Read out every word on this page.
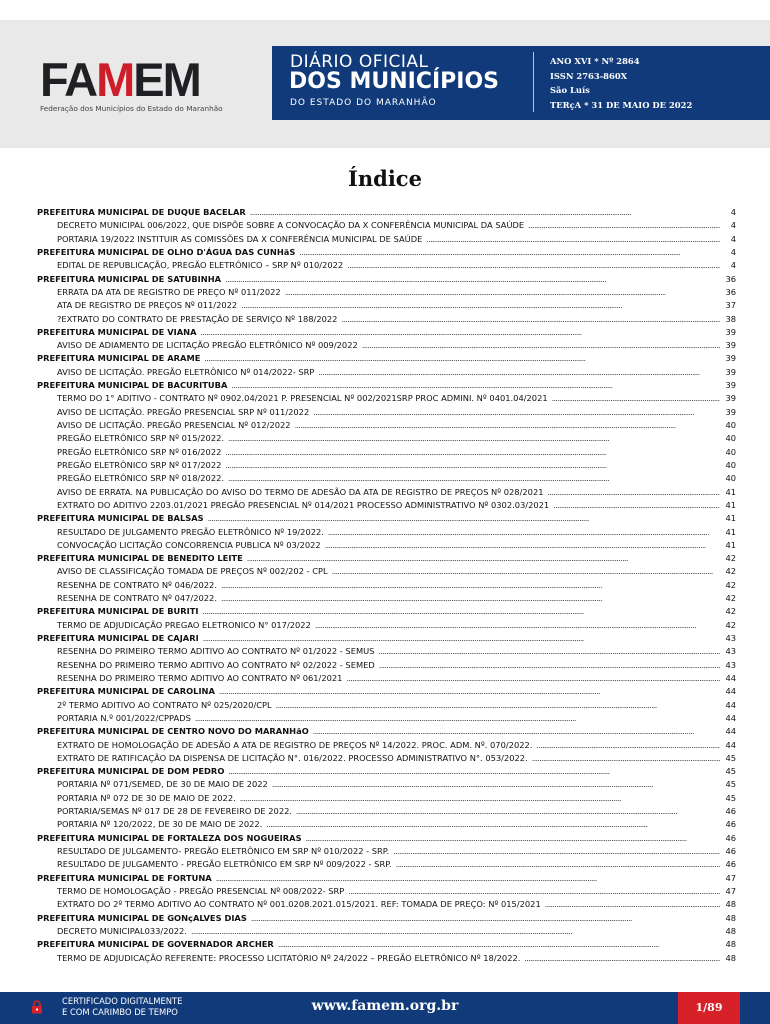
FAMEM
Federação dos Municípios do Estado do Maranhão
DIÁRIO OFICIAL
DOS MUNICÍPIOS
DO ESTADO DO MARANHÃO
ANO XVI * Nº 2864
ISSN 2763-860X
São Luís
TERçA * 31 DE MAIO DE 2022
Índice
PREFEITURA MUNICIPAL DE DUQUE BACELAR . . .	4
DECRETO MUNICIPAL 006/2022, QUE DISPÕE SOBRE A CONVOCAÇÃO DA X CONFERÊNCIA MUNICIPAL DA SAÚDE . . .	4
PORTARIA 19/2022 INSTITUIR AS COMISSÕES DA X CONFERÊNCIA MUNICIPAL DE SAÚDE . . .	4
PREFEITURA MUNICIPAL DE OLHO D'ÁGUA DAS CUNHãS . . .	4
EDITAL DE REPUBLICAÇÃO, PREGÃO ELETRÔNICO – SRP Nº 010/2022 . . .	4
PREFEITURA MUNICIPAL DE SATUBINHA . . .	36
ERRATA DA ATA DE REGISTRO DE PREÇO Nº 011/2022 . . .	36
ATA DE REGISTRO DE PREÇOS Nº 011/2022 . . .	37
?EXTRATO DO CONTRATO DE PRESTAÇÃO DE SERVIÇO Nº 188/2022 . . .	38
PREFEITURA MUNICIPAL DE VIANA . . .	39
AVISO DE ADIAMENTO DE LICITAÇÃO PREGÃO ELETRÔNICO Nº 009/2022 . . .	39
PREFEITURA MUNICIPAL DE ARAME . . .	39
AVISO DE LICITAÇÃO. PREGÃO ELETRÔNICO Nº 014/2022- SRP . . .	39
PREFEITURA MUNICIPAL DE BACURITUBA . . .	39
TERMO DO 1° ADITIVO - CONTRATO Nº 0902.04/2021 P. PRESENCIAL Nº 002/2021SRP PROC ADMINI. Nº 0401.04/2021 . . .	39
AVISO DE LICITAÇÃO. PREGÃO PRESENCIAL SRP Nº 011/2022 . . .	39
AVISO DE LICITAÇÃO. PREGÃO PRESENCIAL Nº 012/2022 . . .	40
PREGÃO ELETRÔNICO SRP Nº 015/2022. . . .	40
PREGÃO ELETRÔNICO SRP Nº 016/2022 . . .	40
PREGÃO ELETRÔNICO SRP Nº 017/2022 . . .	40
PREGÃO ELETRÔNICO SRP Nº 018/2022. . . .	40
AVISO DE ERRATA. NA PUBLICAÇÃO DO AVISO DO TERMO DE ADESÃO DA ATA DE REGISTRO DE PREÇOS Nº 028/2021 . . .	41
EXTRATO DO ADITIVO 2203.01/2021 PREGÃO PRESENCIAL Nº 014/2021 PROCESSO ADMINISTRATIVO Nº 0302.03/2021 . . .	41
PREFEITURA MUNICIPAL DE BALSAS . . .	41
RESULTADO DE JULGAMENTO PREGÃO ELETRÔNICO Nº 19/2022. . . .	41
CONVOCAÇÃO LICITAÇÃO CONCORRENCIA PUBLICA Nº 03/2022 . . .	41
PREFEITURA MUNICIPAL DE BENEDITO LEITE . . .	42
AVISO DE CLASSIFICAÇÃO TOMADA DE PREÇOS Nº 002/202 - CPL . . .	42
RESENHA DE CONTRATO Nº 046/2022. . . .	42
RESENHA DE CONTRATO Nº 047/2022. . . .	42
PREFEITURA MUNICIPAL DE BURITI . . .	42
TERMO DE ADJUDICAÇÃO PREGAO ELETRONICO N° 017/2022 . . .	42
PREFEITURA MUNICIPAL DE CAJARI . . .	43
RESENHA DO PRIMEIRO TERMO ADITIVO AO CONTRATO Nº 01/2022 - SEMUS . . .	43
RESENHA DO PRIMEIRO TERMO ADITIVO AO CONTRATO Nº 02/2022 - SEMED . . .	43
RESENHA DO PRIMEIRO TERMO ADITIVO AO CONTRATO Nº 061/2021 . . .	44
PREFEITURA MUNICIPAL DE CAROLINA . . .	44
2º TERMO ADITIVO AO CONTRATO Nº 025/2020/CPL . . .	44
PORTARIA N.º 001/2022/CPPADS . . .	44
PREFEITURA MUNICIPAL DE CENTRO NOVO DO MARANHãO . . .	44
EXTRATO DE HOMOLOGAÇÃO DE ADESÃO A ATA DE REGISTRO DE PREÇOS Nº 14/2022. PROC. ADM. Nº. 070/2022. . . .	44
EXTRATO DE RATIFICAÇÃO DA DISPENSA DE LICITAÇÃO N°. 016/2022. PROCESSO ADMINISTRATIVO N°. 053/2022. . . .	45
PREFEITURA MUNICIPAL DE DOM PEDRO . . .	45
PORTARIA Nº 071/SEMED, DE 30 DE MAIO DE 2022 . . .	45
PORTARIA Nº 072 DE 30 DE MAIO DE 2022. . . .	45
PORTARIA/SEMAS Nº 017 DE 28 DE FEVEREIRO DE 2022. . . .	46
PORTARIA Nº 120/2022, DE 30 DE MAIO DE 2022. . . .	46
PREFEITURA MUNICIPAL DE FORTALEZA DOS NOGUEIRAS . . .	46
RESULTADO DE JULGAMENTO- PREGÃO ELETRÔNICO EM SRP Nº 010/2022 - SRP. . . .	46
RESULTADO DE JULGAMENTO - PREGÃO ELETRÔNICO EM SRP Nº 009/2022 - SRP. . . .	46
PREFEITURA MUNICIPAL DE FORTUNA . . .	47
TERMO DE HOMOLOGAÇÃO - PREGÃO PRESENCIAL Nº 008/2022- SRP . . .	47
EXTRATO DO 2º TERMO ADITIVO AO CONTRATO Nº 001.0208.2021.015/2021. REF: TOMADA DE PREÇO: Nº 015/2021 . . .	48
PREFEITURA MUNICIPAL DE GONçALVES DIAS . . .	48
DECRETO MUNICIPAL033/2022. . . .	48
PREFEITURA MUNICIPAL DE GOVERNADOR ARCHER . . .	48
TERMO DE ADJUDICAÇÃO REFERENTE: PROCESSO LICITATÓRIO Nº 24/2022 – PREGÃO ELETRÔNICO Nº 18/2022. . . .	48
CERTIFICADO DIGITALMENTE
E COM CARIMBO DE TEMPO	www.famem.org.br	1/89
